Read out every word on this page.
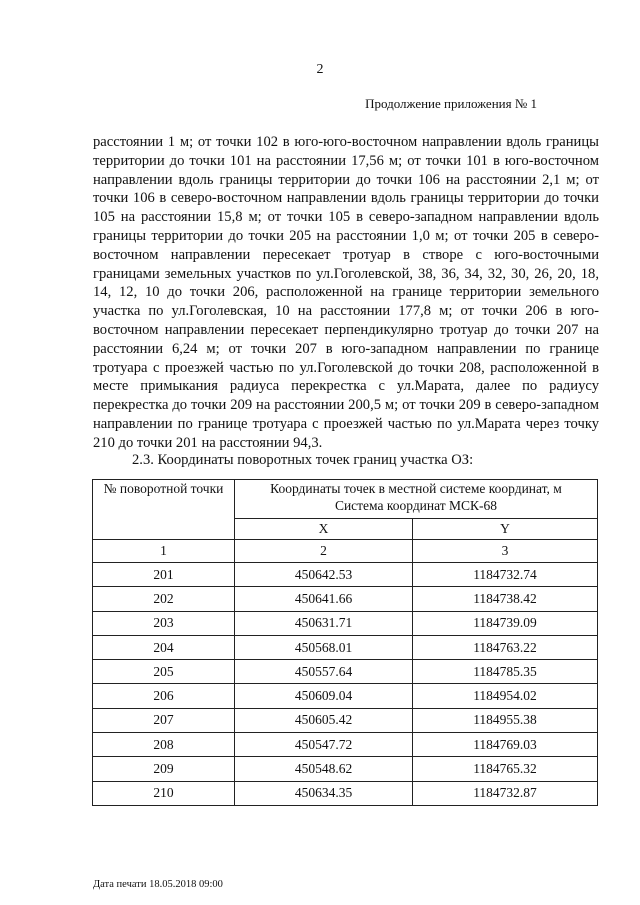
2
Продолжение приложения № 1

расстоянии 1 м; от точки 102 в юго-юго-восточном направлении вдоль границы территории до точки 101 на расстоянии 17,56 м; от точки 101 в юго-восточном направлении вдоль границы территории до точки 106 на расстоянии 2,1 м; от точки 106 в северо-восточном направлении вдоль границы территории до точки 105 на расстоянии 15,8 м; от точки 105 в северо-западном направлении вдоль границы территории до точки 205 на расстоянии 1,0 м; от точки 205 в северо-восточном направлении пересекает тротуар в створе с юго-восточными границами земельных участков по ул.Гоголевской, 38, 36, 34, 32, 30, 26, 20, 18, 14, 12, 10 до точки 206, расположенной на границе территории земельного участка по ул.Гоголевская, 10 на расстоянии 177,8 м; от точки 206 в юго-восточном направлении пересекает перпендикулярно тротуар до точки 207 на расстоянии 6,24 м; от точки 207 в юго-западном направлении по границе тротуара с проезжей частью по ул.Гоголевской до точки 208, расположенной в месте примыкания радиуса перекрестка с ул.Марата, далее по радиусу перекрестка до точки 209 на расстоянии 200,5 м; от точки 209 в северо-западном направлении по границе тротуара с проезжей частью по ул.Марата через точку 210 до точки 201 на расстоянии 94,3.

2.3. Координаты поворотных точек границ участка ОЗ:
№ поворотной точки	Координаты точек в местной системе координат, м
Система координат МСК-68	

	X	Y
1	2	3
201	450642.53	1184732.74
202	450641.66	1184738.42
203	450631.71	1184739.09
204	450568.01	1184763.22
205	450557.64	1184785.35
206	450609.04	1184954.02
207	450605.42	1184955.38
208	450547.72	1184769.03
209	450548.62	1184765.32
210	450634.35	1184732.87
Дата печати 18.05.2018 09:00
